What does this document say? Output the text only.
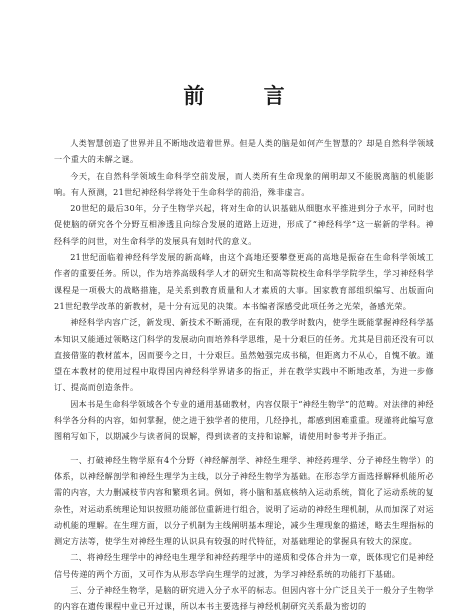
前 言

人类智慧创造了世界并且不断地改造着世界。但是人类的脑是如何产生智慧的？却是自然科学领域一个重大的未解之谜。

今天，在自然科学领域生命科学空前发展，而人类所有生命现象的阐明却又不能脱离脑的机能影响。有人预测，21世纪神经科学将处于生命科学的前沿，殊非虚言。

20世纪的最后30年，分子生物学兴起，将对生命的认识基础从细胞水平推进到分子水平，同时也促使脑的研究各个分野互相渗透且向综合发展的道路上迈进，形成了“神经科学”这一崭新的学科。神经科学的问世，对生命科学的发展具有划时代的意义。

21世纪面临着神经科学发展的新高峰，由这个高地还要攀登更高的高地是振奋在生命科学领域工作者的重要任务。所以，作为培养高级科学人才的研究生和高等院校生命科学学院学生，学习神经科学课程是一项极大的战略措施，是关系到教育质量和人才素质的大事。国家教育部组织编写、出版面向21世纪教学改革的新教材，是十分有远见的决策。本书编者深感受此项任务之光荣，备感光荣。

神经科学内容广泛，新发现、新技术不断涌现，在有限的教学时数内，使学生既能掌握神经科学基本知识又能通过领略这门科学的发展动向而培养科学思维，是十分艰巨的任务。尤其是目前还没有可以直接借鉴的教材蓝本，因而要今之日，十分艰巨。虽然勉强完成书稿，但距离力不从心，自愧不敏。谨望在本教材的使用过程中取得国内神经科学界诸多的指正，并在教学实践中不断地改革，为进一步修订、提高而创造条件。

因本书是生命科学领域各个专业的通用基础教材，内容仅限于“神经生物学”的范畴。对法律的神经科学各分科的内容，如何掌握，使之进于独学者的使用，几经挣扎，都感到困难重重。现谨将此编写意图稍写如下，以期减少与读者间的误解，得到读者的支持和谅解，请使用时参考并予指正。

一、打破神经生物学原有4个分野（神经解剖学、神经生理学、神经药理学、分子神经生物学）的体系，以神经解剖学和神经生理学为主线，以分子神经生物学为基础。在形态学方面选择解释机能所必需的内容，大力删减枝节内容和繁琐名词。例如，将小脑和基底核纳入运动系统，简化了运动系统的复杂性，对运动系统理论知识按照功能部位重新进行组合，说明了运动的神经生理机制，从而加深了对运动机能的理解。在生理方面，以分子机制为主线阐明基本理论，减少生理现象的描述，略去生理指标的测定方法等，使学生对神经生理的认识具有较强的时代特征，对基础理论的掌握具有较大的深度。

二、将神经生理学中的神经电生理学和神经药理学中的递质和受体合并为一章，既体现它们是神经信号传递的两个方面，又可作为从形态学向生理学的过渡，为学习神经系统的功能打下基础。

三、分子神经生物学，是脑的研究进入分子水平的标志。但因内容十分广泛且关于一般分子生物学的内容在遗传课程中业已开过课，所以本书主要选择与神经机制研究关系最为密切的
